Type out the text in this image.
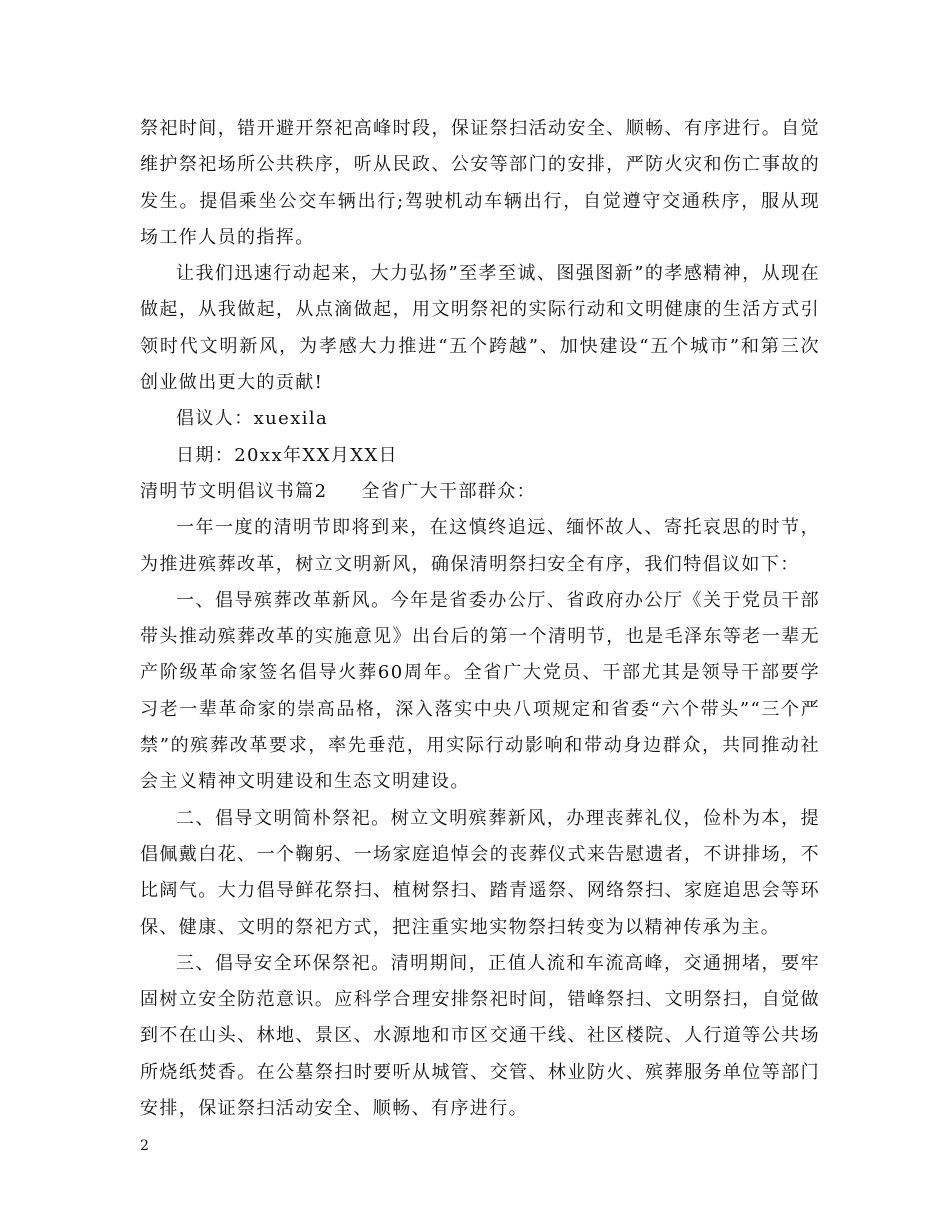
祭祀时间，错开避开祭祀高峰时段，保证祭扫活动安全、顺畅、有序进行。自觉维护祭祀场所公共秩序，听从民政、公安等部门的安排，严防火灾和伤亡事故的发生。提倡乘坐公交车辆出行;驾驶机动车辆出行，自觉遵守交通秩序，服从现场工作人员的指挥。

让我们迅速行动起来，大力弘扬”至孝至诚、图强图新”的孝感精神，从现在做起，从我做起，从点滴做起，用文明祭祀的实际行动和文明健康的生活方式引领时代文明新风，为孝感大力推进“五个跨越”、加快建设“五个城市”和第三次创业做出更大的贡献!

倡议人：xuexila

日期：20xx年XX月XX日

清明节文明倡议书篇2 全省广大干部群众：

一年一度的清明节即将到来，在这慎终追远、缅怀故人、寄托哀思的时节，为推进殡葬改革，树立文明新风，确保清明祭扫安全有序，我们特倡议如下：

一、倡导殡葬改革新风。今年是省委办公厅、省政府办公厅《关于党员干部带头推动殡葬改革的实施意见》出台后的第一个清明节，也是毛泽东等老一辈无产阶级革命家签名倡导火葬60周年。全省广大党员、干部尤其是领导干部要学习老一辈革命家的崇高品格，深入落实中央八项规定和省委“六个带头”“三个严禁”的殡葬改革要求，率先垂范，用实际行动影响和带动身边群众，共同推动社会主义精神文明建设和生态文明建设。

二、倡导文明简朴祭祀。树立文明殡葬新风，办理丧葬礼仪，俭朴为本，提倡佩戴白花、一个鞠躬、一场家庭追悼会的丧葬仪式来告慰遗者，不讲排场，不比阔气。大力倡导鲜花祭扫、植树祭扫、踏青遥祭、网络祭扫、家庭追思会等环保、健康、文明的祭祀方式，把注重实地实物祭扫转变为以精神传承为主。

三、倡导安全环保祭祀。清明期间，正值人流和车流高峰，交通拥堵，要牢固树立安全防范意识。应科学合理安排祭祀时间，错峰祭扫、文明祭扫，自觉做到不在山头、林地、景区、水源地和市区交通干线、社区楼院、人行道等公共场所烧纸焚香。在公墓祭扫时要听从城管、交管、林业防火、殡葬服务单位等部门安排，保证祭扫活动安全、顺畅、有序进行。

2
